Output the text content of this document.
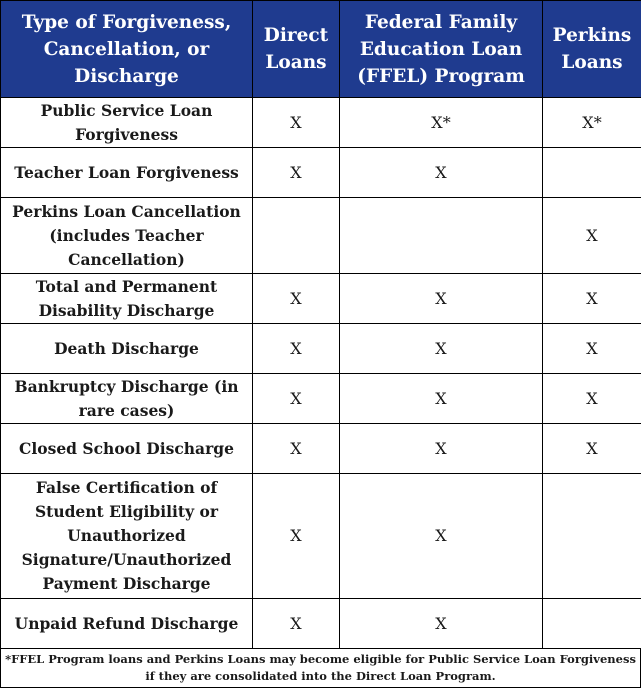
Type of Forgiveness, Cancellation, or Discharge	Direct Loans	Federal Family Education Loan (FFEL) Program	Perkins Loans
Public Service Loan Forgiveness	X	X*	X*
Teacher Loan Forgiveness	X	X	
Perkins Loan Cancellation (includes Teacher Cancellation)			X
Total and Permanent Disability Discharge	X	X	X
Death Discharge	X	X	X
Bankruptcy Discharge (in rare cases)	X	X	X
Closed School Discharge	X	X	X
False Certification of Student Eligibility or Unauthorized Signature/Unauthorized Payment Discharge	X	X	
Unpaid Refund Discharge	X	X	
*FFEL Program loans and Perkins Loans may become eligible for Public Service Loan Forgiveness if they are consolidated into the Direct Loan Program.
